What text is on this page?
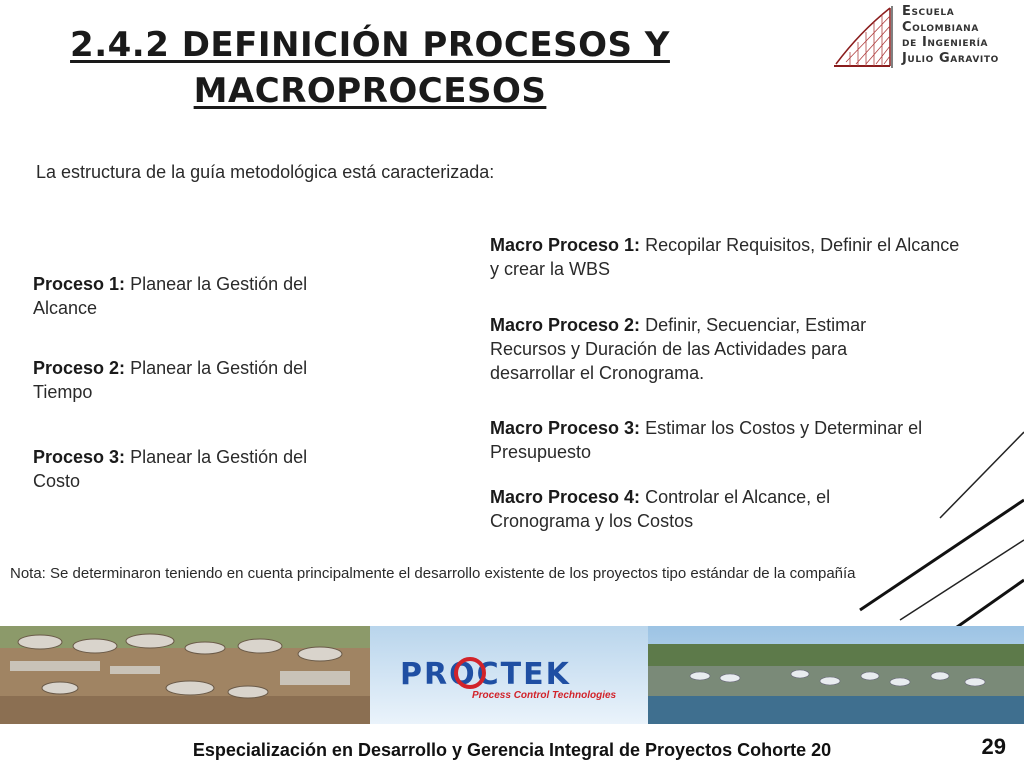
2.4.2 DEFINICIÓN PROCESOS Y
MACROPROCESOS
Escuela
Colombiana
de Ingeniería
Julio Garavito
La estructura de la guía metodológica está caracterizada:
Proceso 1: Planear la Gestión del Alcance
Proceso 2: Planear la Gestión del Tiempo
Proceso 3: Planear la Gestión del Costo
Macro Proceso 1: Recopilar Requisitos, Definir el Alcance y crear la WBS
Macro Proceso 2: Definir, Secuenciar, Estimar Recursos y Duración de las Actividades para desarrollar el Cronograma.
Macro Proceso 3: Estimar los Costos y Determinar el Presupuesto
Macro Proceso 4: Controlar el Alcance, el Cronograma y los Costos
Nota: Se determinaron teniendo en cuenta principalmente el desarrollo existente de los proyectos tipo estándar de la compañía
PROCTEK
Process Control Technologies
Especialización en Desarrollo y Gerencia Integral de Proyectos Cohorte 20	29
